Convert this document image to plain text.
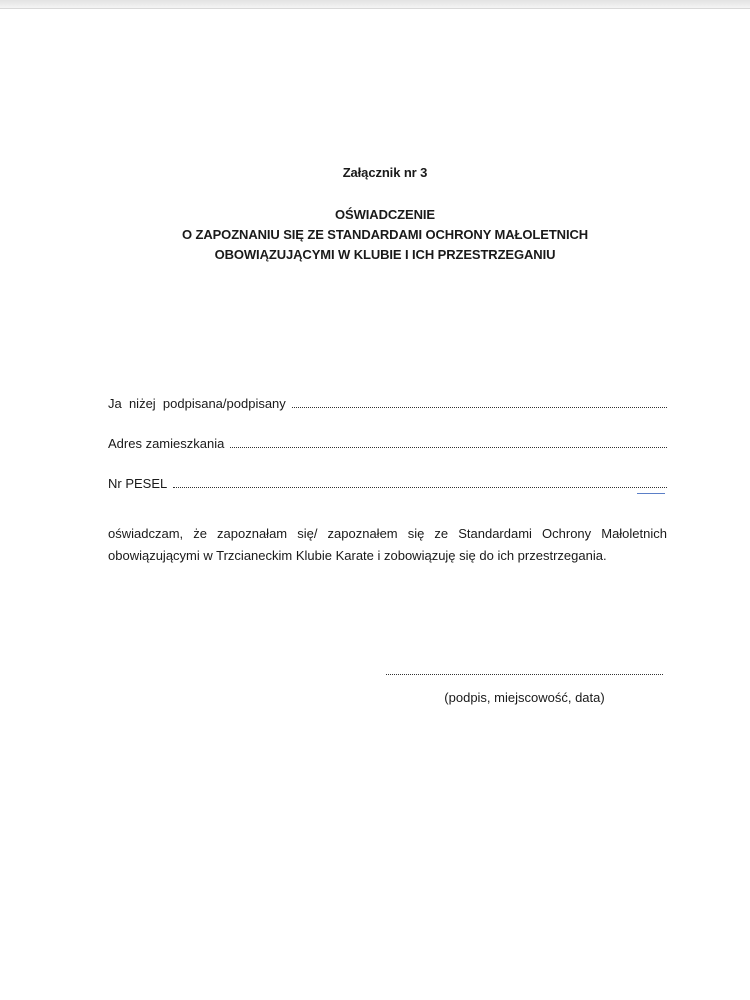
Załącznik nr 3
OŚWIADCZENIE
O ZAPOZNANIU SIĘ ZE STANDARDAMI OCHRONY MAŁOLETNICH
OBOWIĄZUJĄCYMI W KLUBIE I ICH PRZESTRZEGANIU
Ja  niżej  podpisana/podpisany
Adres zamieszkania
Nr PESEL
oświadczam, że zapoznałam się/ zapoznałem się ze Standardami Ochrony Małoletnich obowiązującymi w Trzcianeckim Klubie Karate i zobowiązuję się do ich przestrzegania.
(podpis, miejscowość, data)
